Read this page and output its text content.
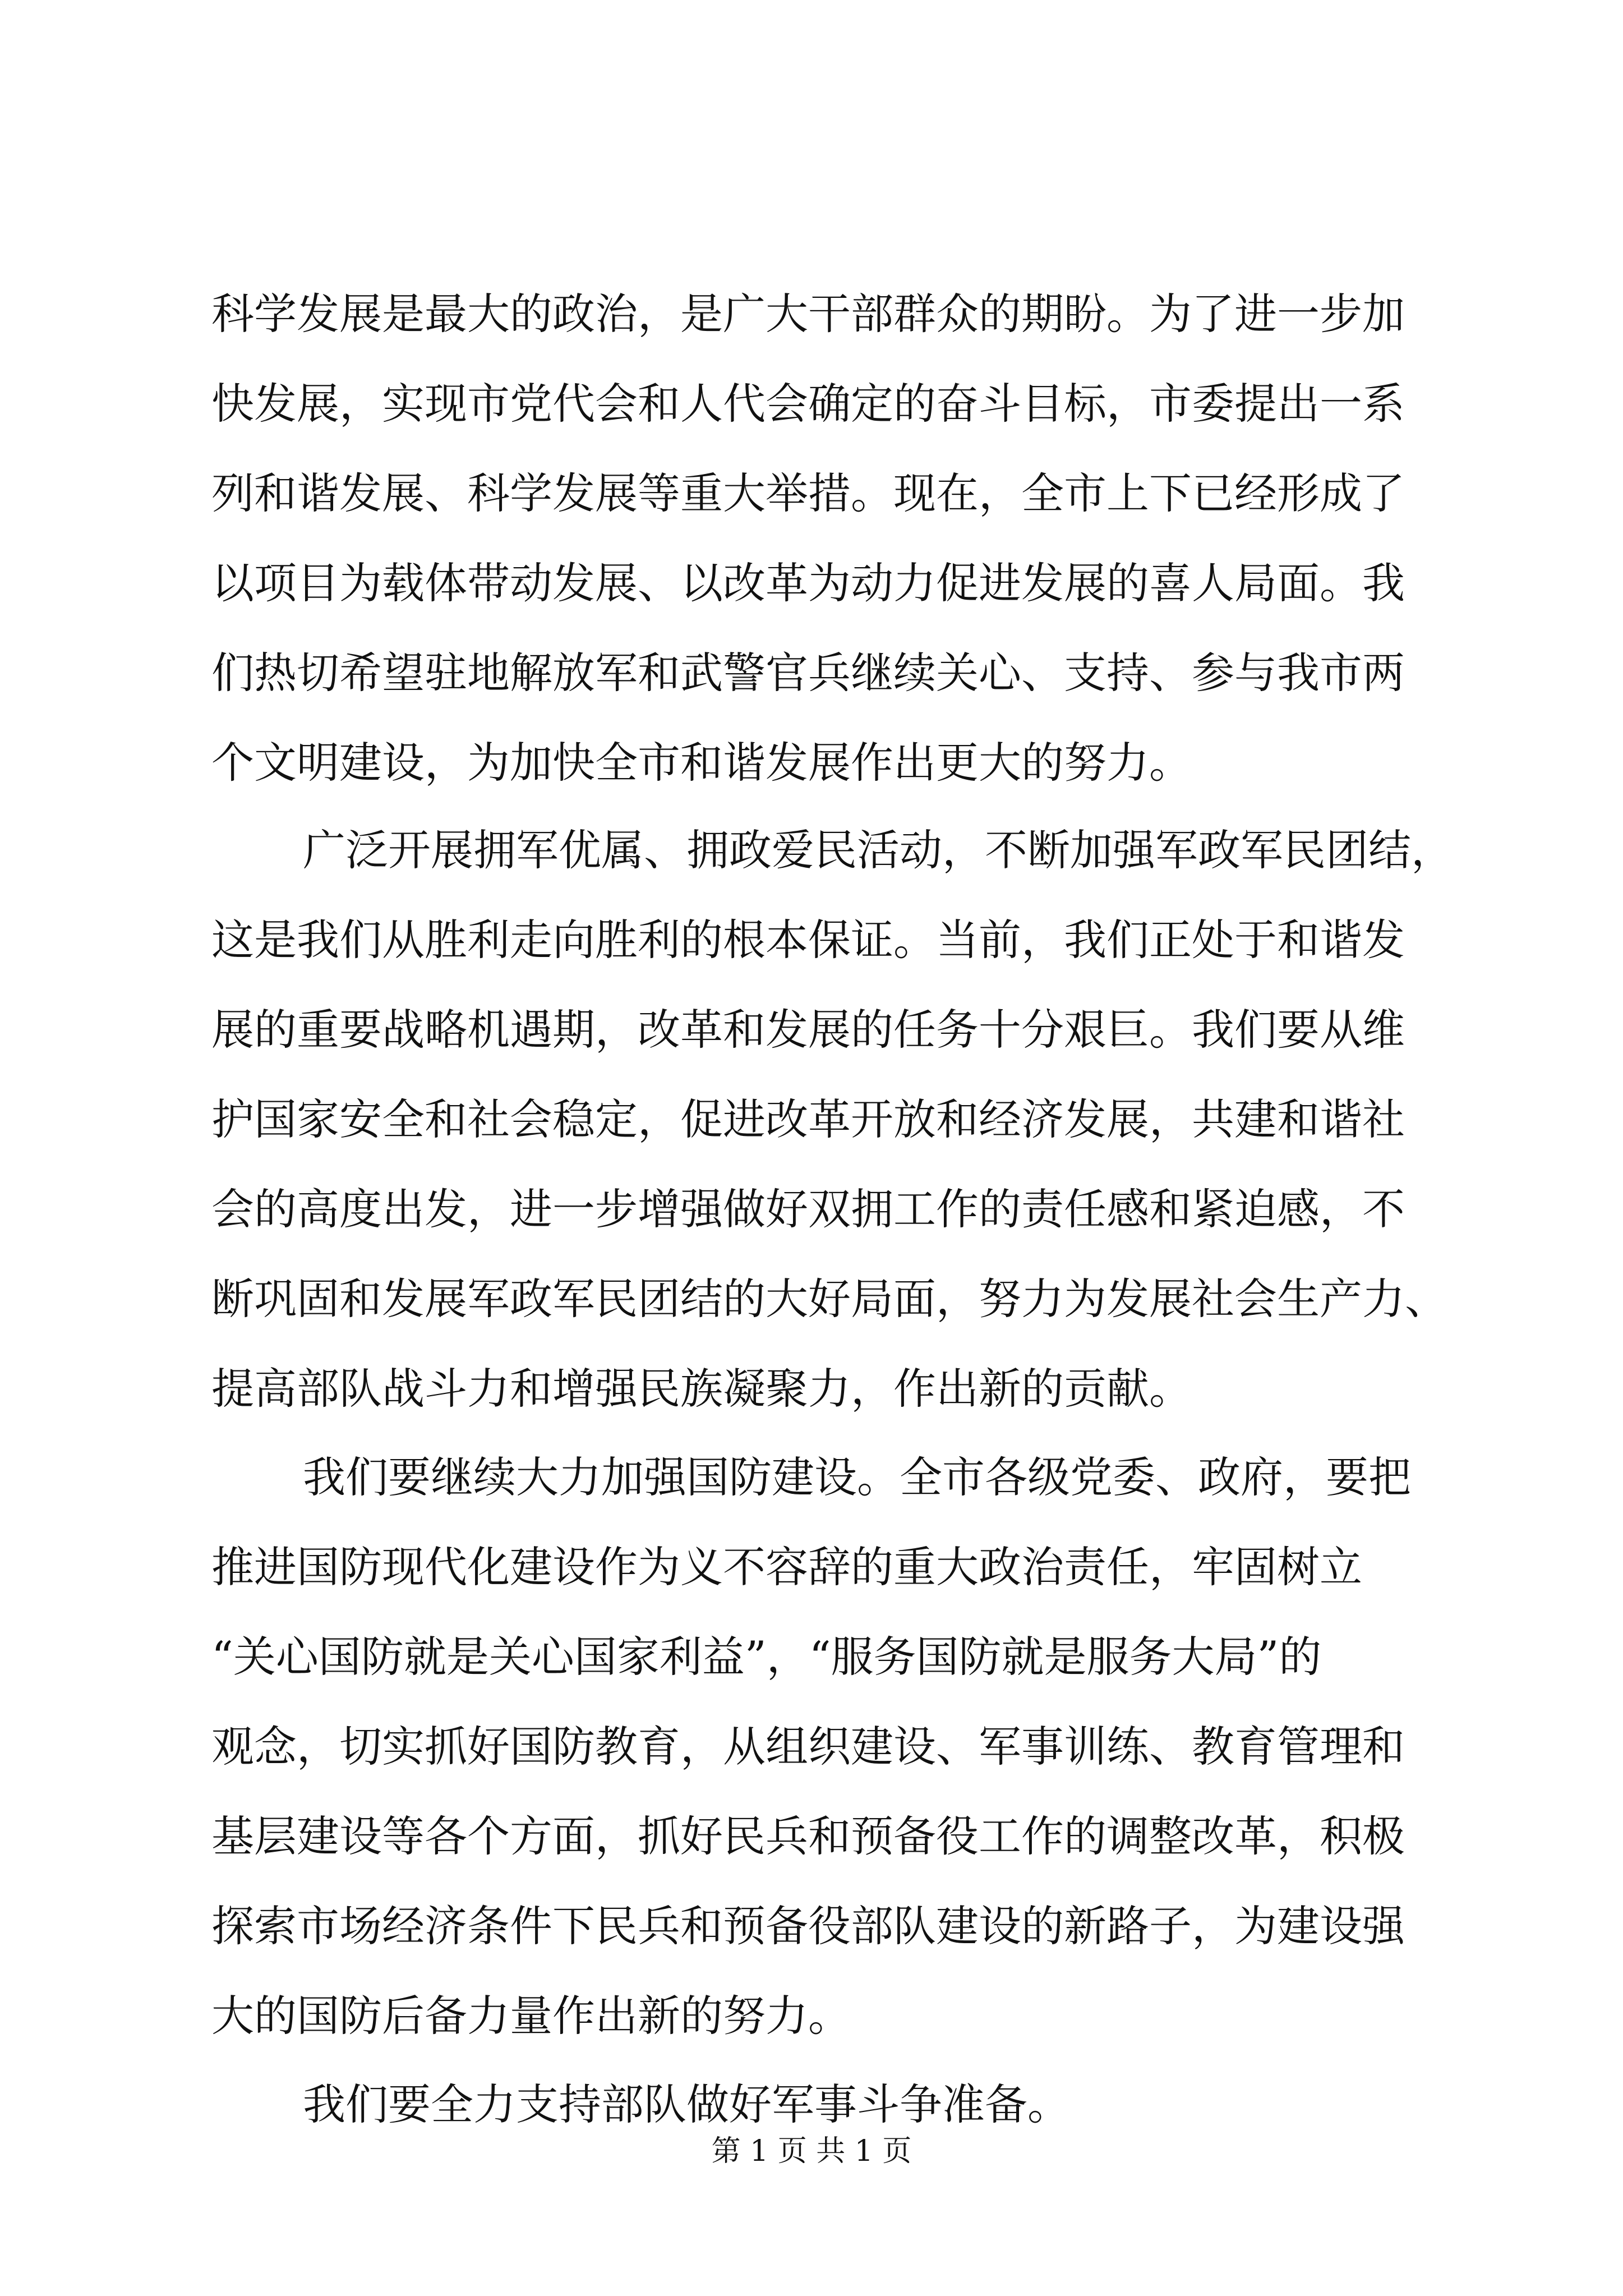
科学发展是最大的政治，是广大干部群众的期盼。为了进一步加
快发展，实现市党代会和人代会确定的奋斗目标，市委提出一系
列和谐发展、科学发展等重大举措。现在，全市上下已经形成了
以项目为载体带动发展、以改革为动力促进发展的喜人局面。我
们热切希望驻地解放军和武警官兵继续关心、支持、参与我市两
个文明建设，为加快全市和谐发展作出更大的努力。
广泛开展拥军优属、拥政爱民活动，不断加强军政军民团结，
这是我们从胜利走向胜利的根本保证。当前，我们正处于和谐发
展的重要战略机遇期，改革和发展的任务十分艰巨。我们要从维
护国家安全和社会稳定，促进改革开放和经济发展，共建和谐社
会的高度出发，进一步增强做好双拥工作的责任感和紧迫感，不
断巩固和发展军政军民团结的大好局面，努力为发展社会生产力、
提高部队战斗力和增强民族凝聚力，作出新的贡献。
我们要继续大力加强国防建设。全市各级党委、政府，要把
推进国防现代化建设作为义不容辞的重大政治责任，牢固树立
“关心国防就是关心国家利益”，“服务国防就是服务大局”的
观念，切实抓好国防教育，从组织建设、军事训练、教育管理和
基层建设等各个方面，抓好民兵和预备役工作的调整改革，积极
探索市场经济条件下民兵和预备役部队建设的新路子，为建设强
大的国防后备力量作出新的努力。
我们要全力支持部队做好军事斗争准备。
第 1 页 共 1 页
